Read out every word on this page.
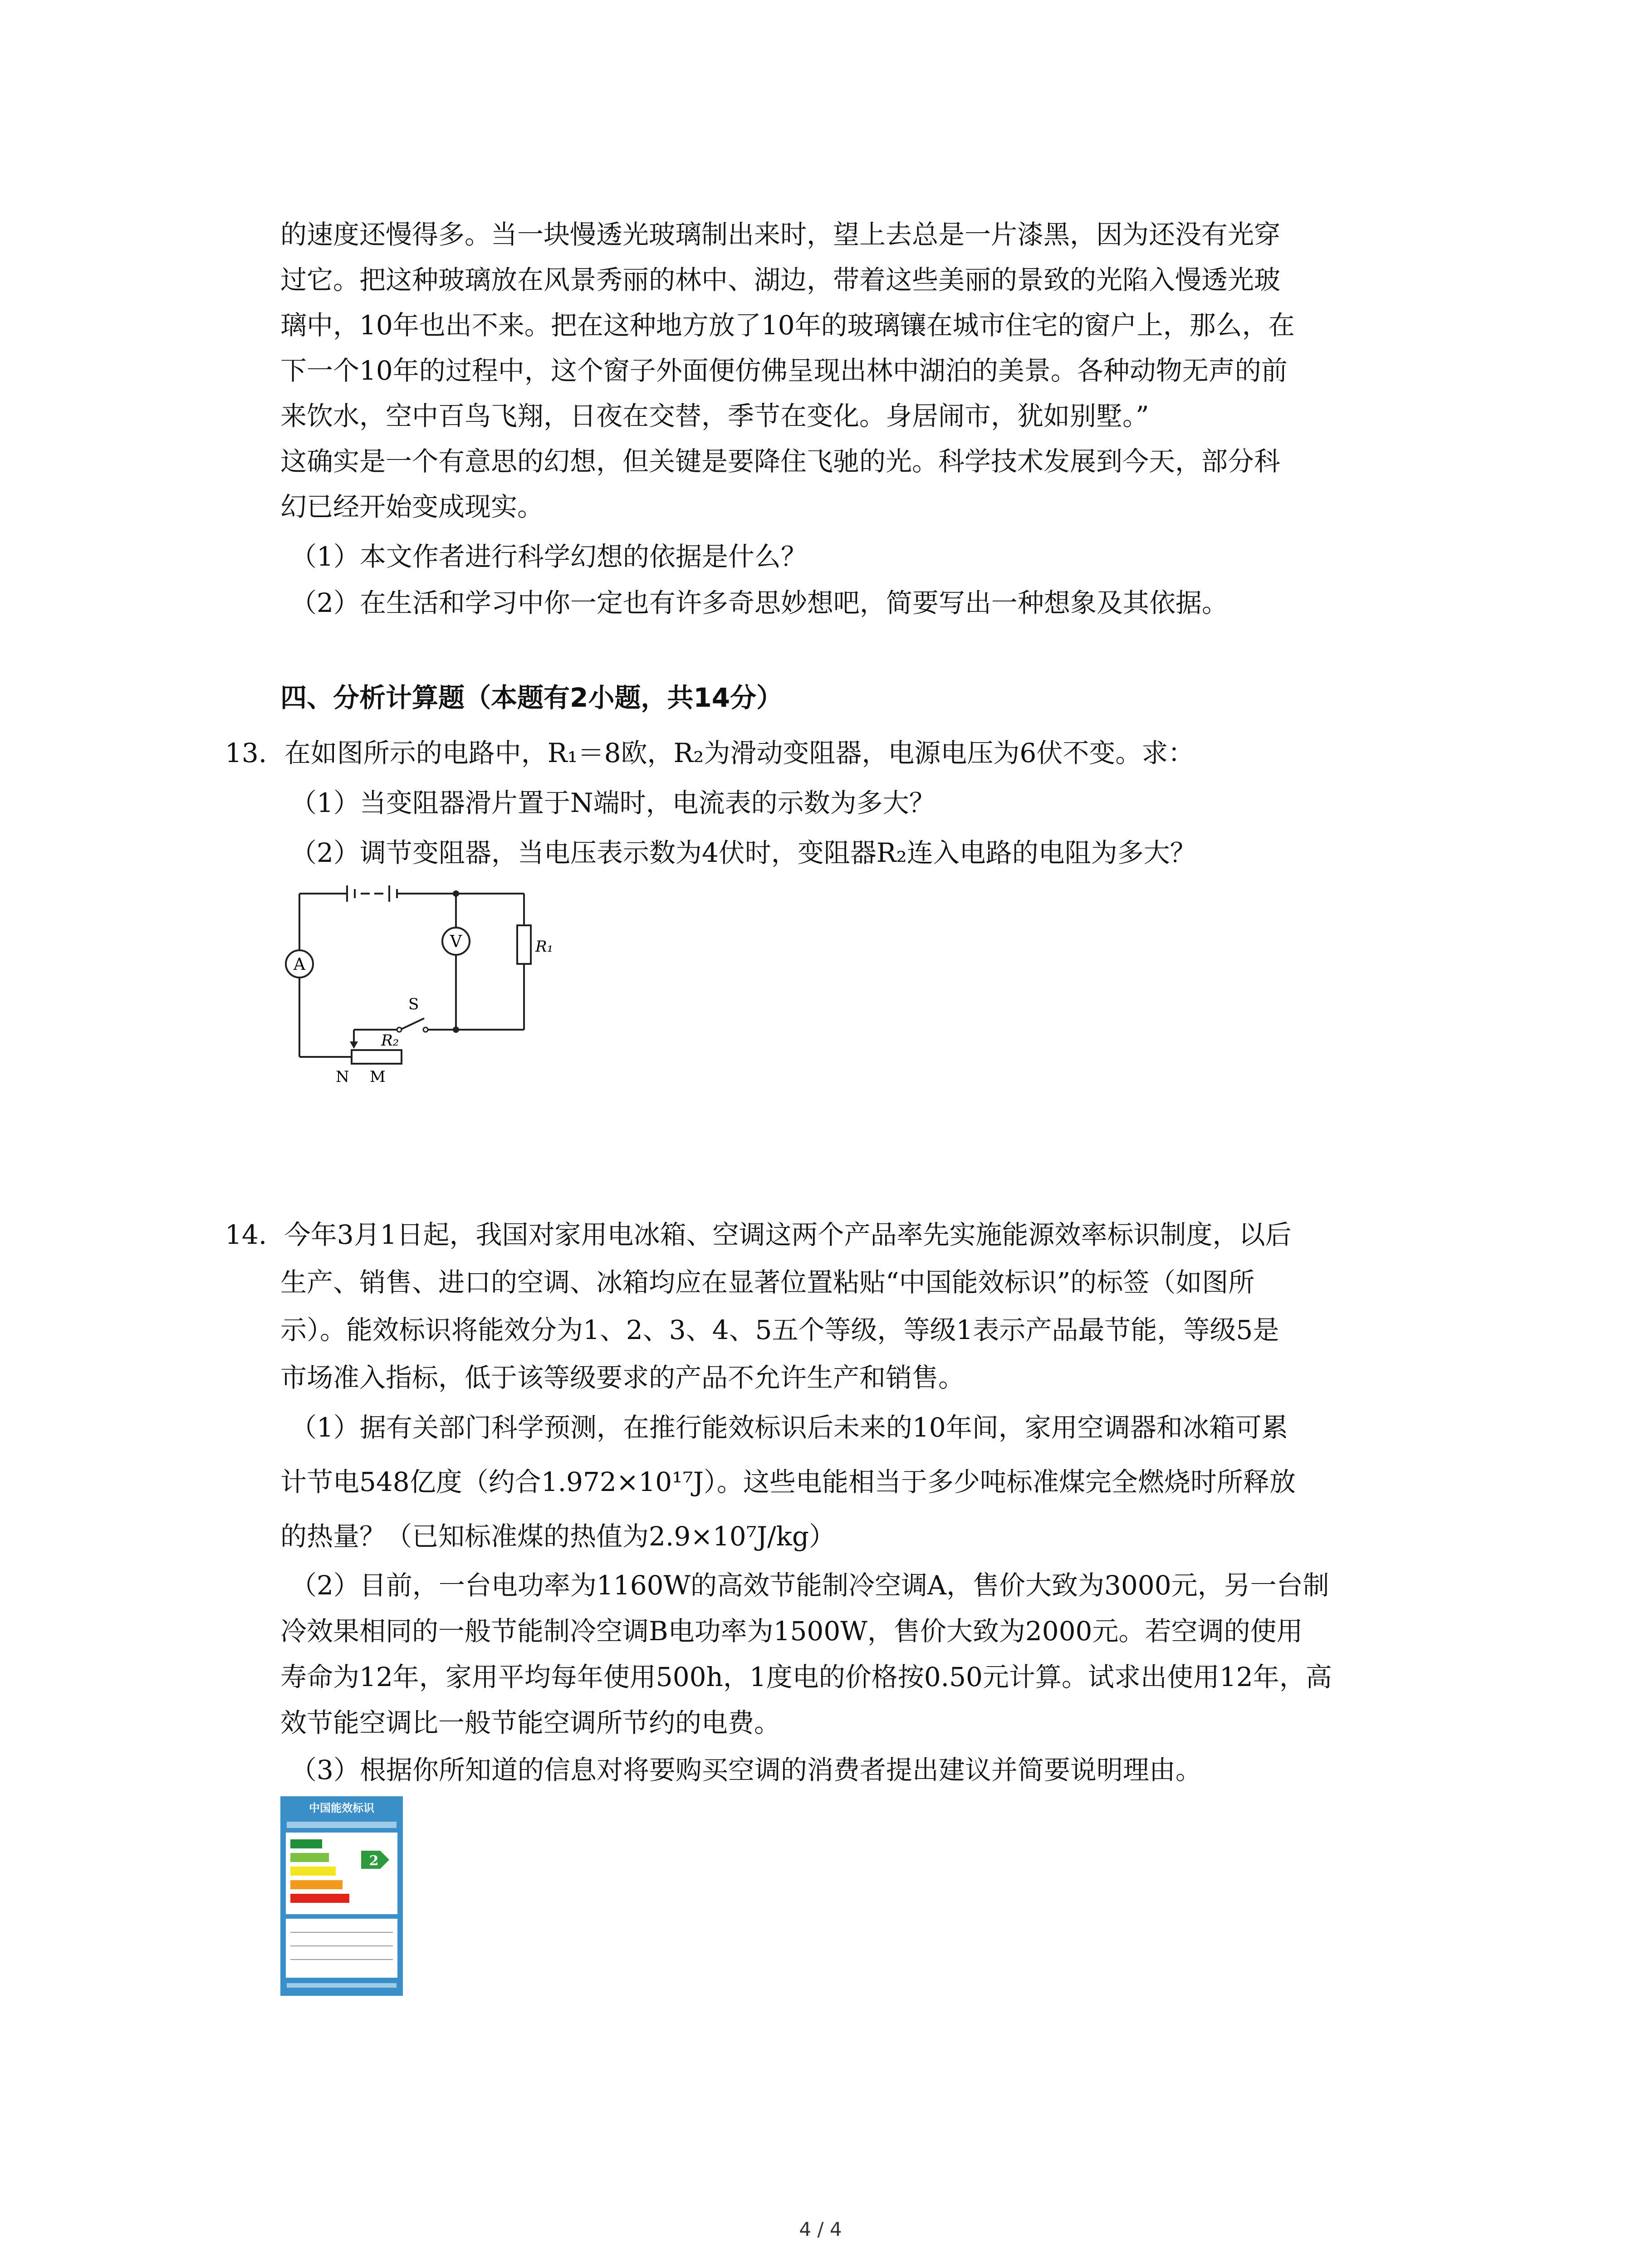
的速度还慢得多。当一块慢透光玻璃制出来时，望上去总是一片漆黑，因为还没有光穿
过它。把这种玻璃放在风景秀丽的林中、湖边，带着这些美丽的景致的光陷入慢透光玻
璃中，10年也出不来。把在这种地方放了10年的玻璃镶在城市住宅的窗户上，那么，在
下一个10年的过程中，这个窗子外面便仿佛呈现出林中湖泊的美景。各种动物无声的前
来饮水，空中百鸟飞翔，日夜在交替，季节在变化。身居闹市，犹如别墅。”
这确实是一个有意思的幻想，但关键是要降住飞驰的光。科学技术发展到今天，部分科
幻已经开始变成现实。
（1）本文作者进行科学幻想的依据是什么？
（2）在生活和学习中你一定也有许多奇思妙想吧，简要写出一种想象及其依据。
四、分析计算题（本题有2小题，共14分）
13. 在如图所示的电路中，R₁＝8欧，R₂为滑动变阻器，电源电压为6伏不变。求：
（1）当变阻器滑片置于N端时，电流表的示数为多大？
（2）调节变阻器，当电压表示数为4伏时，变阻器R₂连入电路的电阻为多大？
A
V	R₁
S
R₂
N M
14. 今年3月1日起，我国对家用电冰箱、空调这两个产品率先实施能源效率标识制度，以后
生产、销售、进口的空调、冰箱均应在显著位置粘贴“中国能效标识”的标签（如图所
示）。能效标识将能效分为1、2、3、4、5五个等级，等级1表示产品最节能，等级5是
市场准入指标，低于该等级要求的产品不允许生产和销售。
（1）据有关部门科学预测，在推行能效标识后未来的10年间，家用空调器和冰箱可累
计节电548亿度（约合1.972×10¹⁷J）。这些电能相当于多少吨标准煤完全燃烧时所释放
的热量？（已知标准煤的热值为2.9×10⁷J/kg）
（2）目前，一台电功率为1160W的高效节能制冷空调A，售价大致为3000元，另一台制
冷效果相同的一般节能制冷空调B电功率为1500W，售价大致为2000元。若空调的使用
寿命为12年，家用平均每年使用500h，1度电的价格按0.50元计算。试求出使用12年，高
效节能空调比一般节能空调所节约的电费。
（3）根据你所知道的信息对将要购买空调的消费者提出建议并简要说明理由。
中国能效标识
2
4 / 4
